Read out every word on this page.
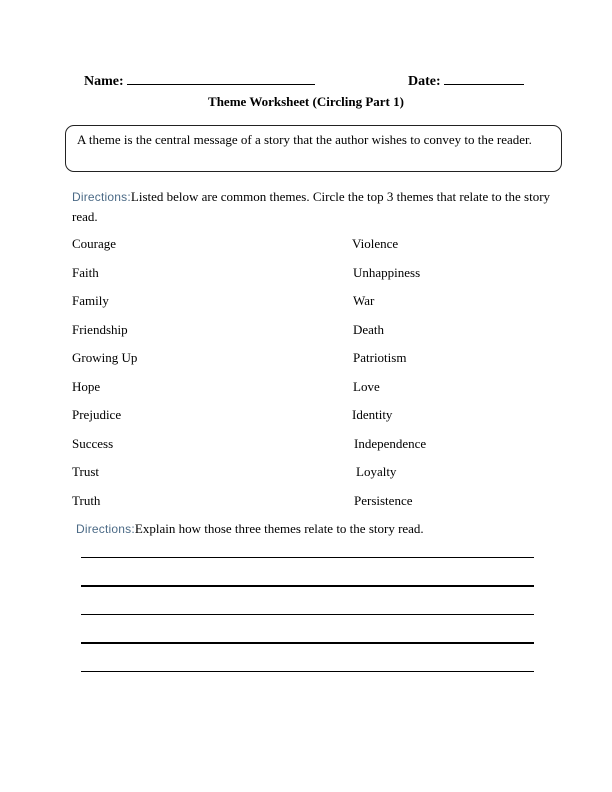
Name:	Date:
Theme Worksheet (Circling Part 1)
A theme is the central message of a story that the author wishes to convey to the reader.
Directions:Listed below are common themes. Circle the top 3 themes that relate to the story read.
Courage
Faith
Family
Friendship
Growing Up
Hope
Prejudice
Success
Trust
Truth
Violence
Unhappiness
War
Death
Patriotism
Love
Identity
Independence
Loyalty
Persistence
Directions:Explain how those three themes relate to the story read.
